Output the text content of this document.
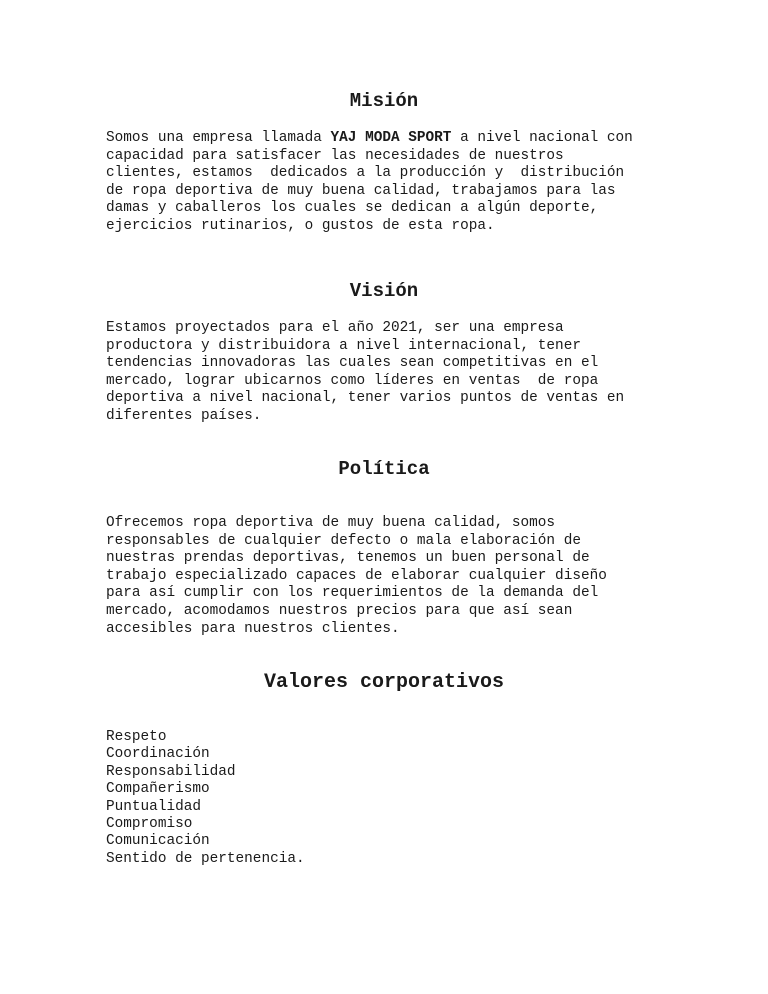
Misión
Somos una empresa llamada YAJ MODA SPORT a nivel nacional con
capacidad para satisfacer las necesidades de nuestros
clientes, estamos  dedicados a la producción y  distribución
de ropa deportiva de muy buena calidad, trabajamos para las
damas y caballeros los cuales se dedican a algún deporte,
ejercicios rutinarios, o gustos de esta ropa.
Visión
Estamos proyectados para el año 2021, ser una empresa
productora y distribuidora a nivel internacional, tener
tendencias innovadoras las cuales sean competitivas en el
mercado, lograr ubicarnos como líderes en ventas  de ropa
deportiva a nivel nacional, tener varios puntos de ventas en
diferentes países.
Política
Ofrecemos ropa deportiva de muy buena calidad, somos
responsables de cualquier defecto o mala elaboración de
nuestras prendas deportivas, tenemos un buen personal de
trabajo especializado capaces de elaborar cualquier diseño
para así cumplir con los requerimientos de la demanda del
mercado, acomodamos nuestros precios para que así sean
accesibles para nuestros clientes.
Valores corporativos
Respeto
Coordinación
Responsabilidad
Compañerismo
Puntualidad
Compromiso
Comunicación
Sentido de pertenencia.
